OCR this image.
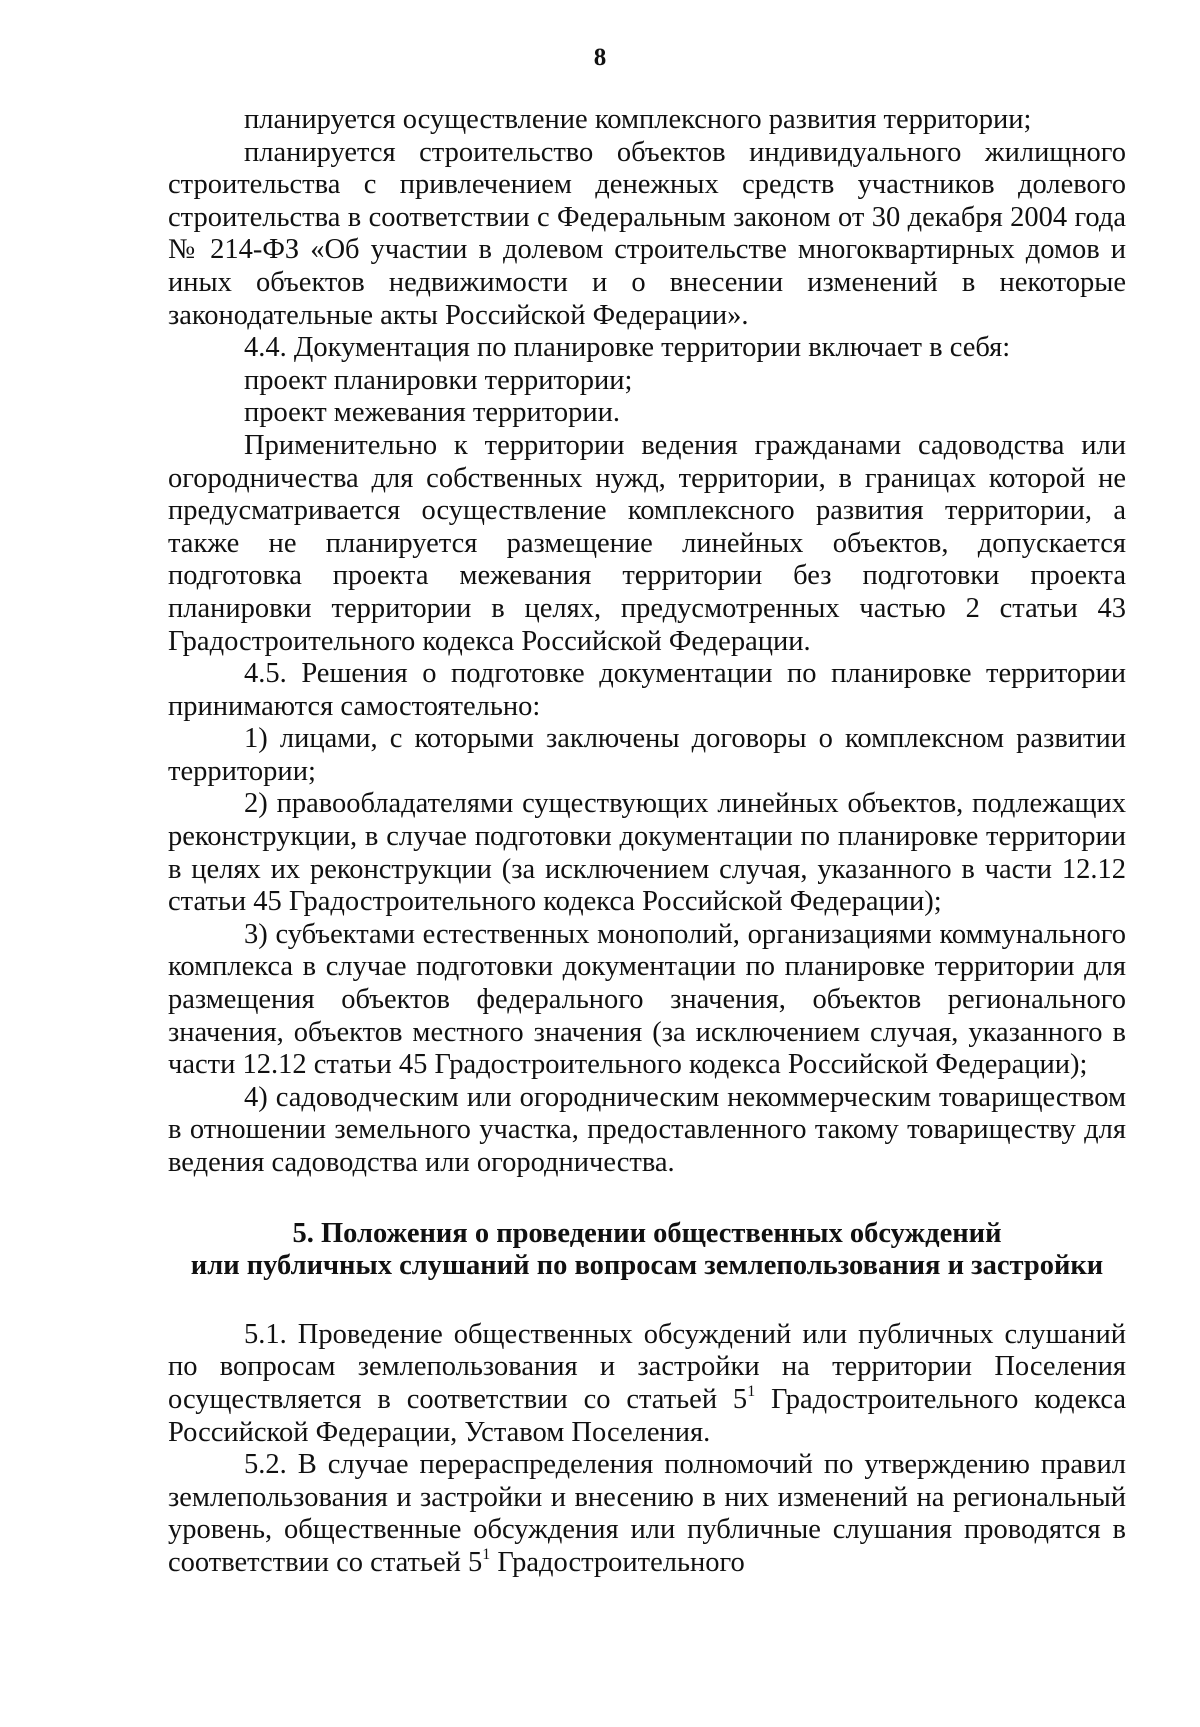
8

планируется осуществление комплексного развития территории;

планируется строительство объектов индивидуального жилищного строительства с привлечением денежных средств участников долевого строительства в соответствии с Федеральным законом от 30 декабря 2004 года № 214-ФЗ «Об участии в долевом строительстве многоквартирных домов и иных объектов недвижимости и о внесении изменений в некоторые законодательные акты Российской Федерации».

4.4. Документация по планировке территории включает в себя:

проект планировки территории;

проект межевания территории.

Применительно к территории ведения гражданами садоводства или огородничества для собственных нужд, территории, в границах которой не предусматривается осуществление комплексного развития территории, а также не планируется размещение линейных объектов, допускается подготовка проекта межевания территории без подготовки проекта планировки территории в целях, предусмотренных частью 2 статьи 43 Градостроительного кодекса Российской Федерации.

4.5. Решения о подготовке документации по планировке территории принимаются самостоятельно:

1) лицами, с которыми заключены договоры о комплексном развитии территории;

2) правообладателями существующих линейных объектов, подлежащих реконструкции, в случае подготовки документации по планировке территории в целях их реконструкции (за исключением случая, указанного в части 12.12 статьи 45 Градостроительного кодекса Российской Федерации);

3) субъектами естественных монополий, организациями коммунального комплекса в случае подготовки документации по планировке территории для размещения объектов федерального значения, объектов регионального значения, объектов местного значения (за исключением случая, указанного в части 12.12 статьи 45 Градостроительного кодекса Российской Федерации);

4) садоводческим или огородническим некоммерческим товариществом в отношении земельного участка, предоставленного такому товариществу для ведения садоводства или огородничества.

5. Положения о проведении общественных обсуждений
или публичных слушаний по вопросам землепользования и застройки

5.1. Проведение общественных обсуждений или публичных слушаний по вопросам землепользования и застройки на территории Поселения осуществляется в соответствии со статьей $5^1$ Градостроительного кодекса Российской Федерации, Уставом Поселения.

5.2. В случае перераспределения полномочий по утверждению правил землепользования и застройки и внесению в них изменений на региональный уровень, общественные обсуждения или публичные слушания проводятся в соответствии со статьей $5^1$ Градостроительного
